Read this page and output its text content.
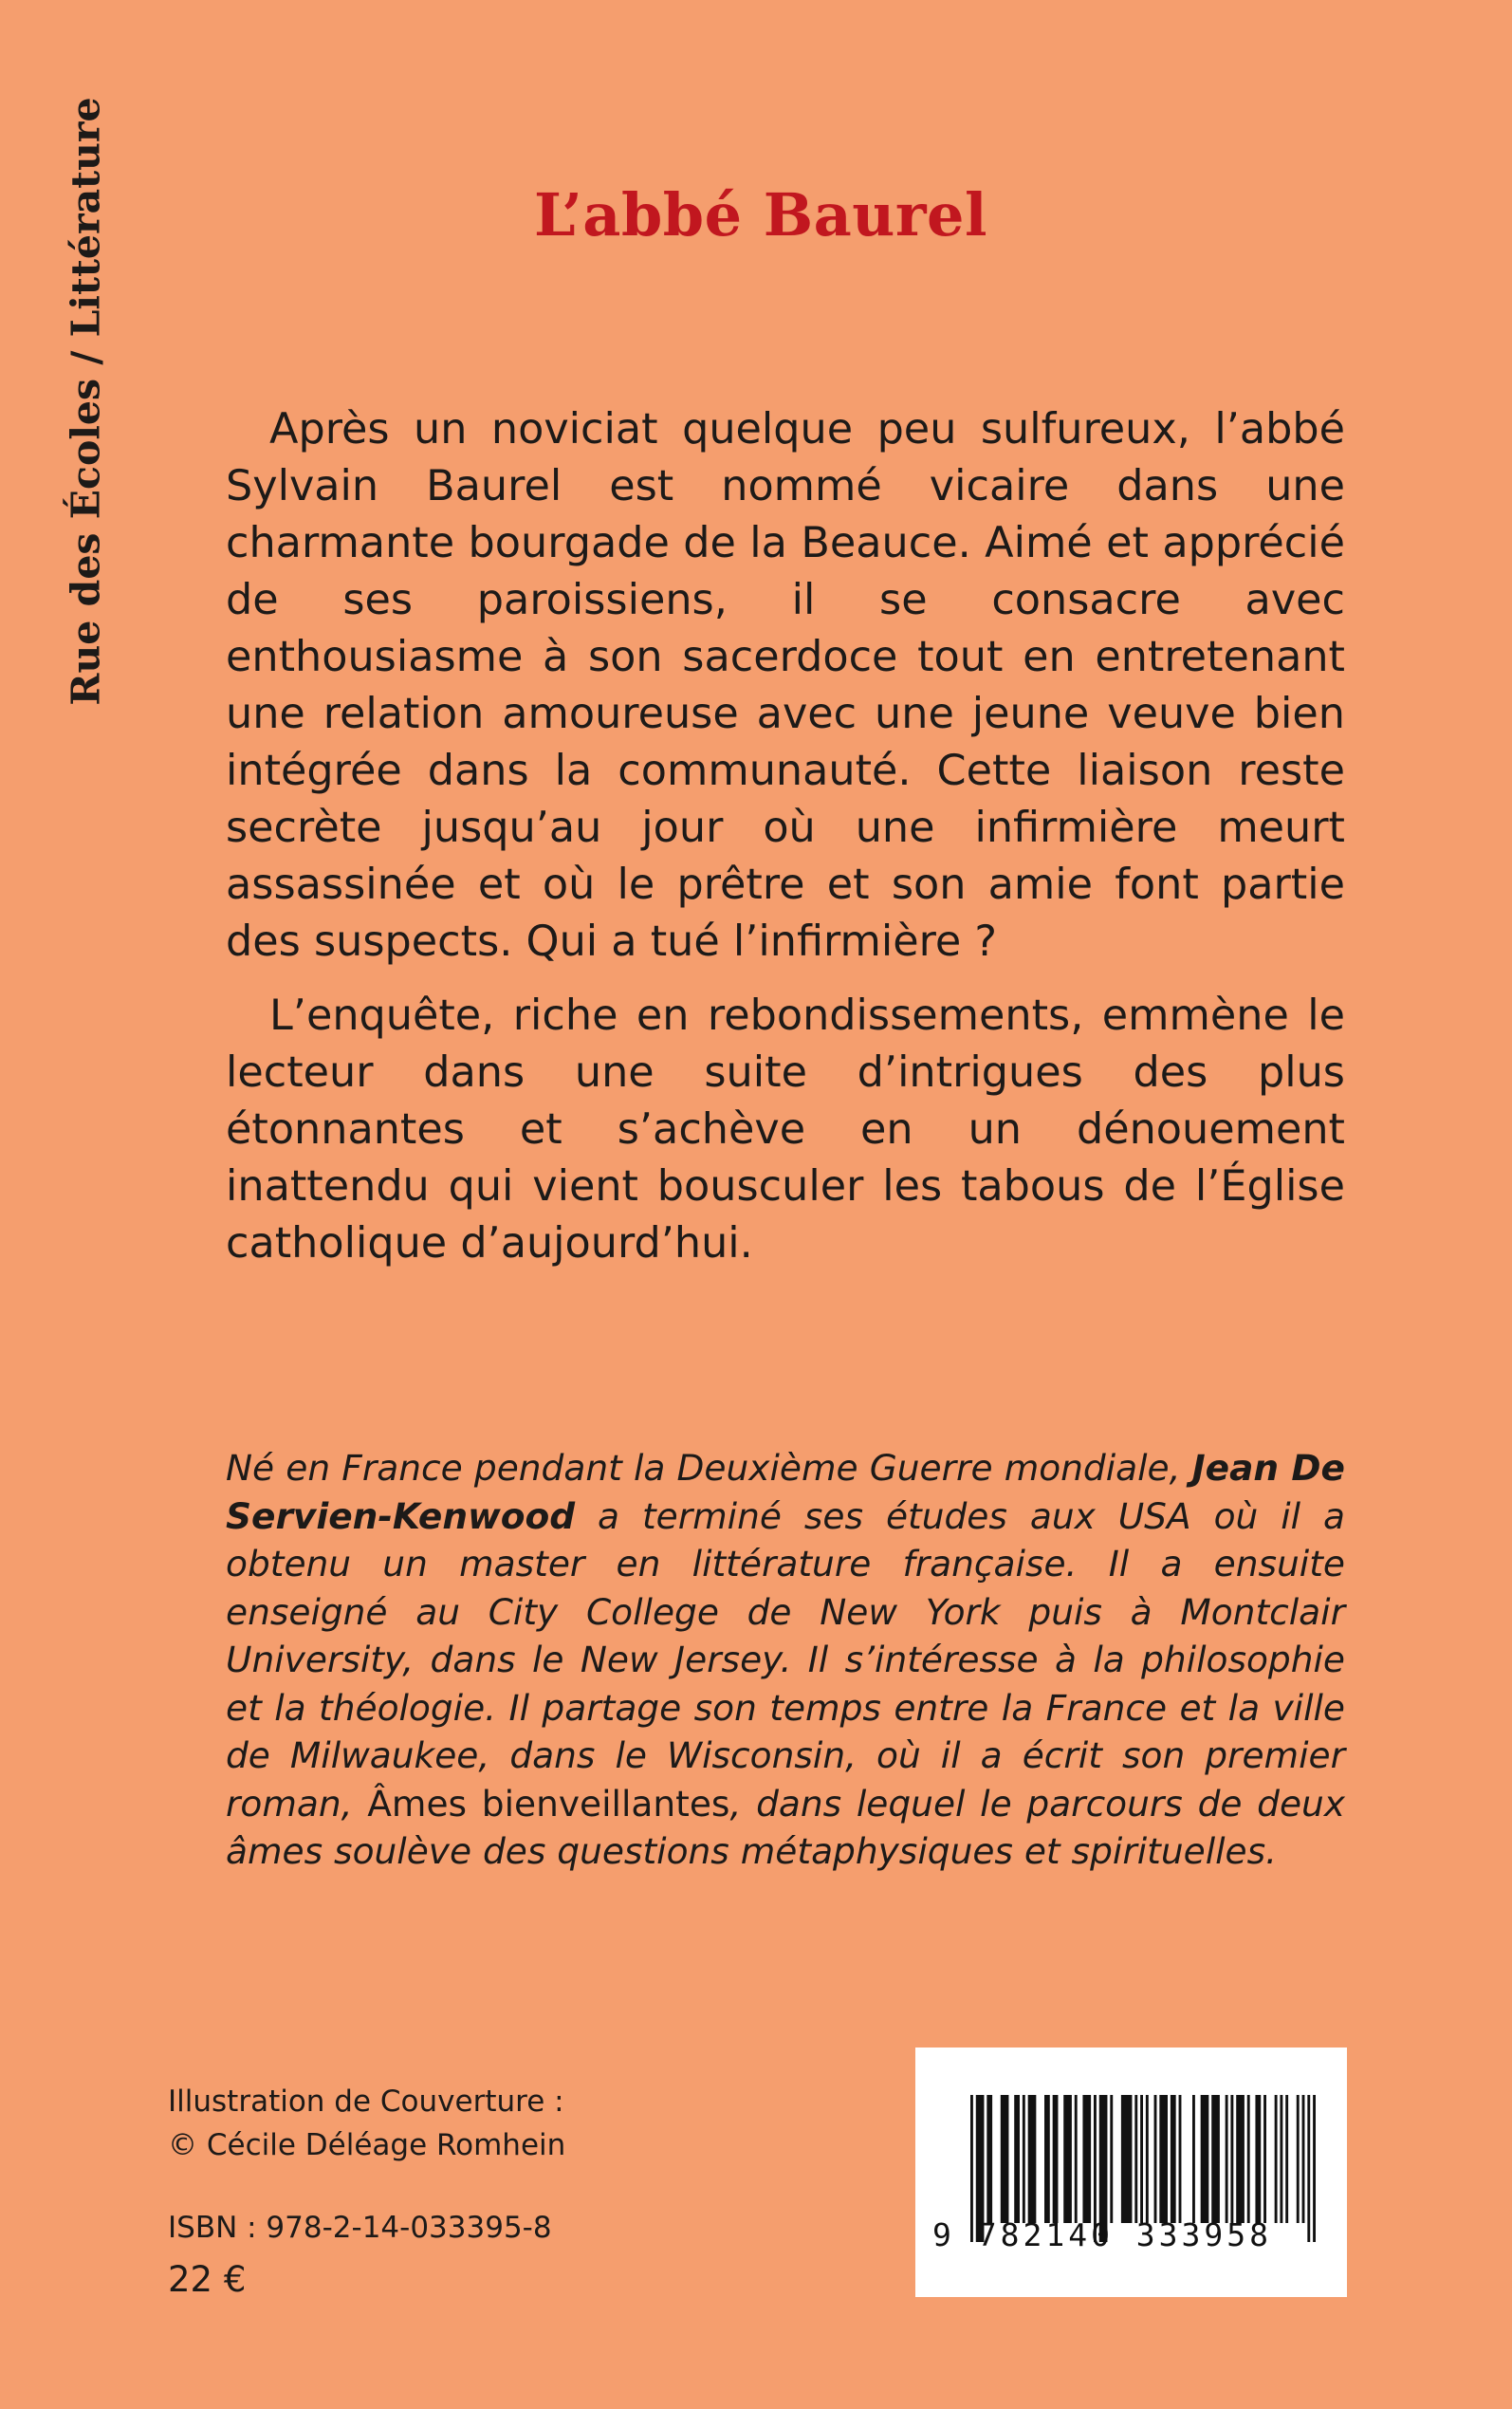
Rue des Écoles / Littérature	L’abbé Baurel

Après un noviciat quelque peu sulfureux, l’abbé Sylvain Baurel est nommé vicaire dans une charmante bourgade de la Beauce. Aimé et apprécié de ses paroissiens, il se consacre avec enthousiasme à son sacerdoce tout en entretenant une relation amoureuse avec une jeune veuve bien intégrée dans la communauté. Cette liaison reste secrète jusqu’au jour où une infirmière meurt assassinée et où le prêtre et son amie font partie des suspects. Qui a tué l’infirmière ?

L’enquête, riche en rebondissements, emmène le lecteur dans une suite d’intrigues des plus étonnantes et s’achève en un dénouement inattendu qui vient bousculer les tabous de l’Église catholique d’aujourd’hui.

Né en France pendant la Deuxième Guerre mondiale, Jean De Servien-Kenwood a terminé ses études aux USA où il a obtenu un master en littérature française. Il a ensuite enseigné au City College de New York puis à Montclair University, dans le New Jersey. Il s’intéresse à la philosophie et la théologie. Il partage son temps entre la France et la ville de Milwaukee, dans le Wisconsin, où il a écrit son premier roman, Âmes bienveillantes, dans lequel le parcours de deux âmes soulève des questions métaphysiques et spirituelles.

Illustration de Couverture :
© Cécile Déléage Romhein
ISBN : 978-2-14-033395-8
22 €
9 782140 333958
